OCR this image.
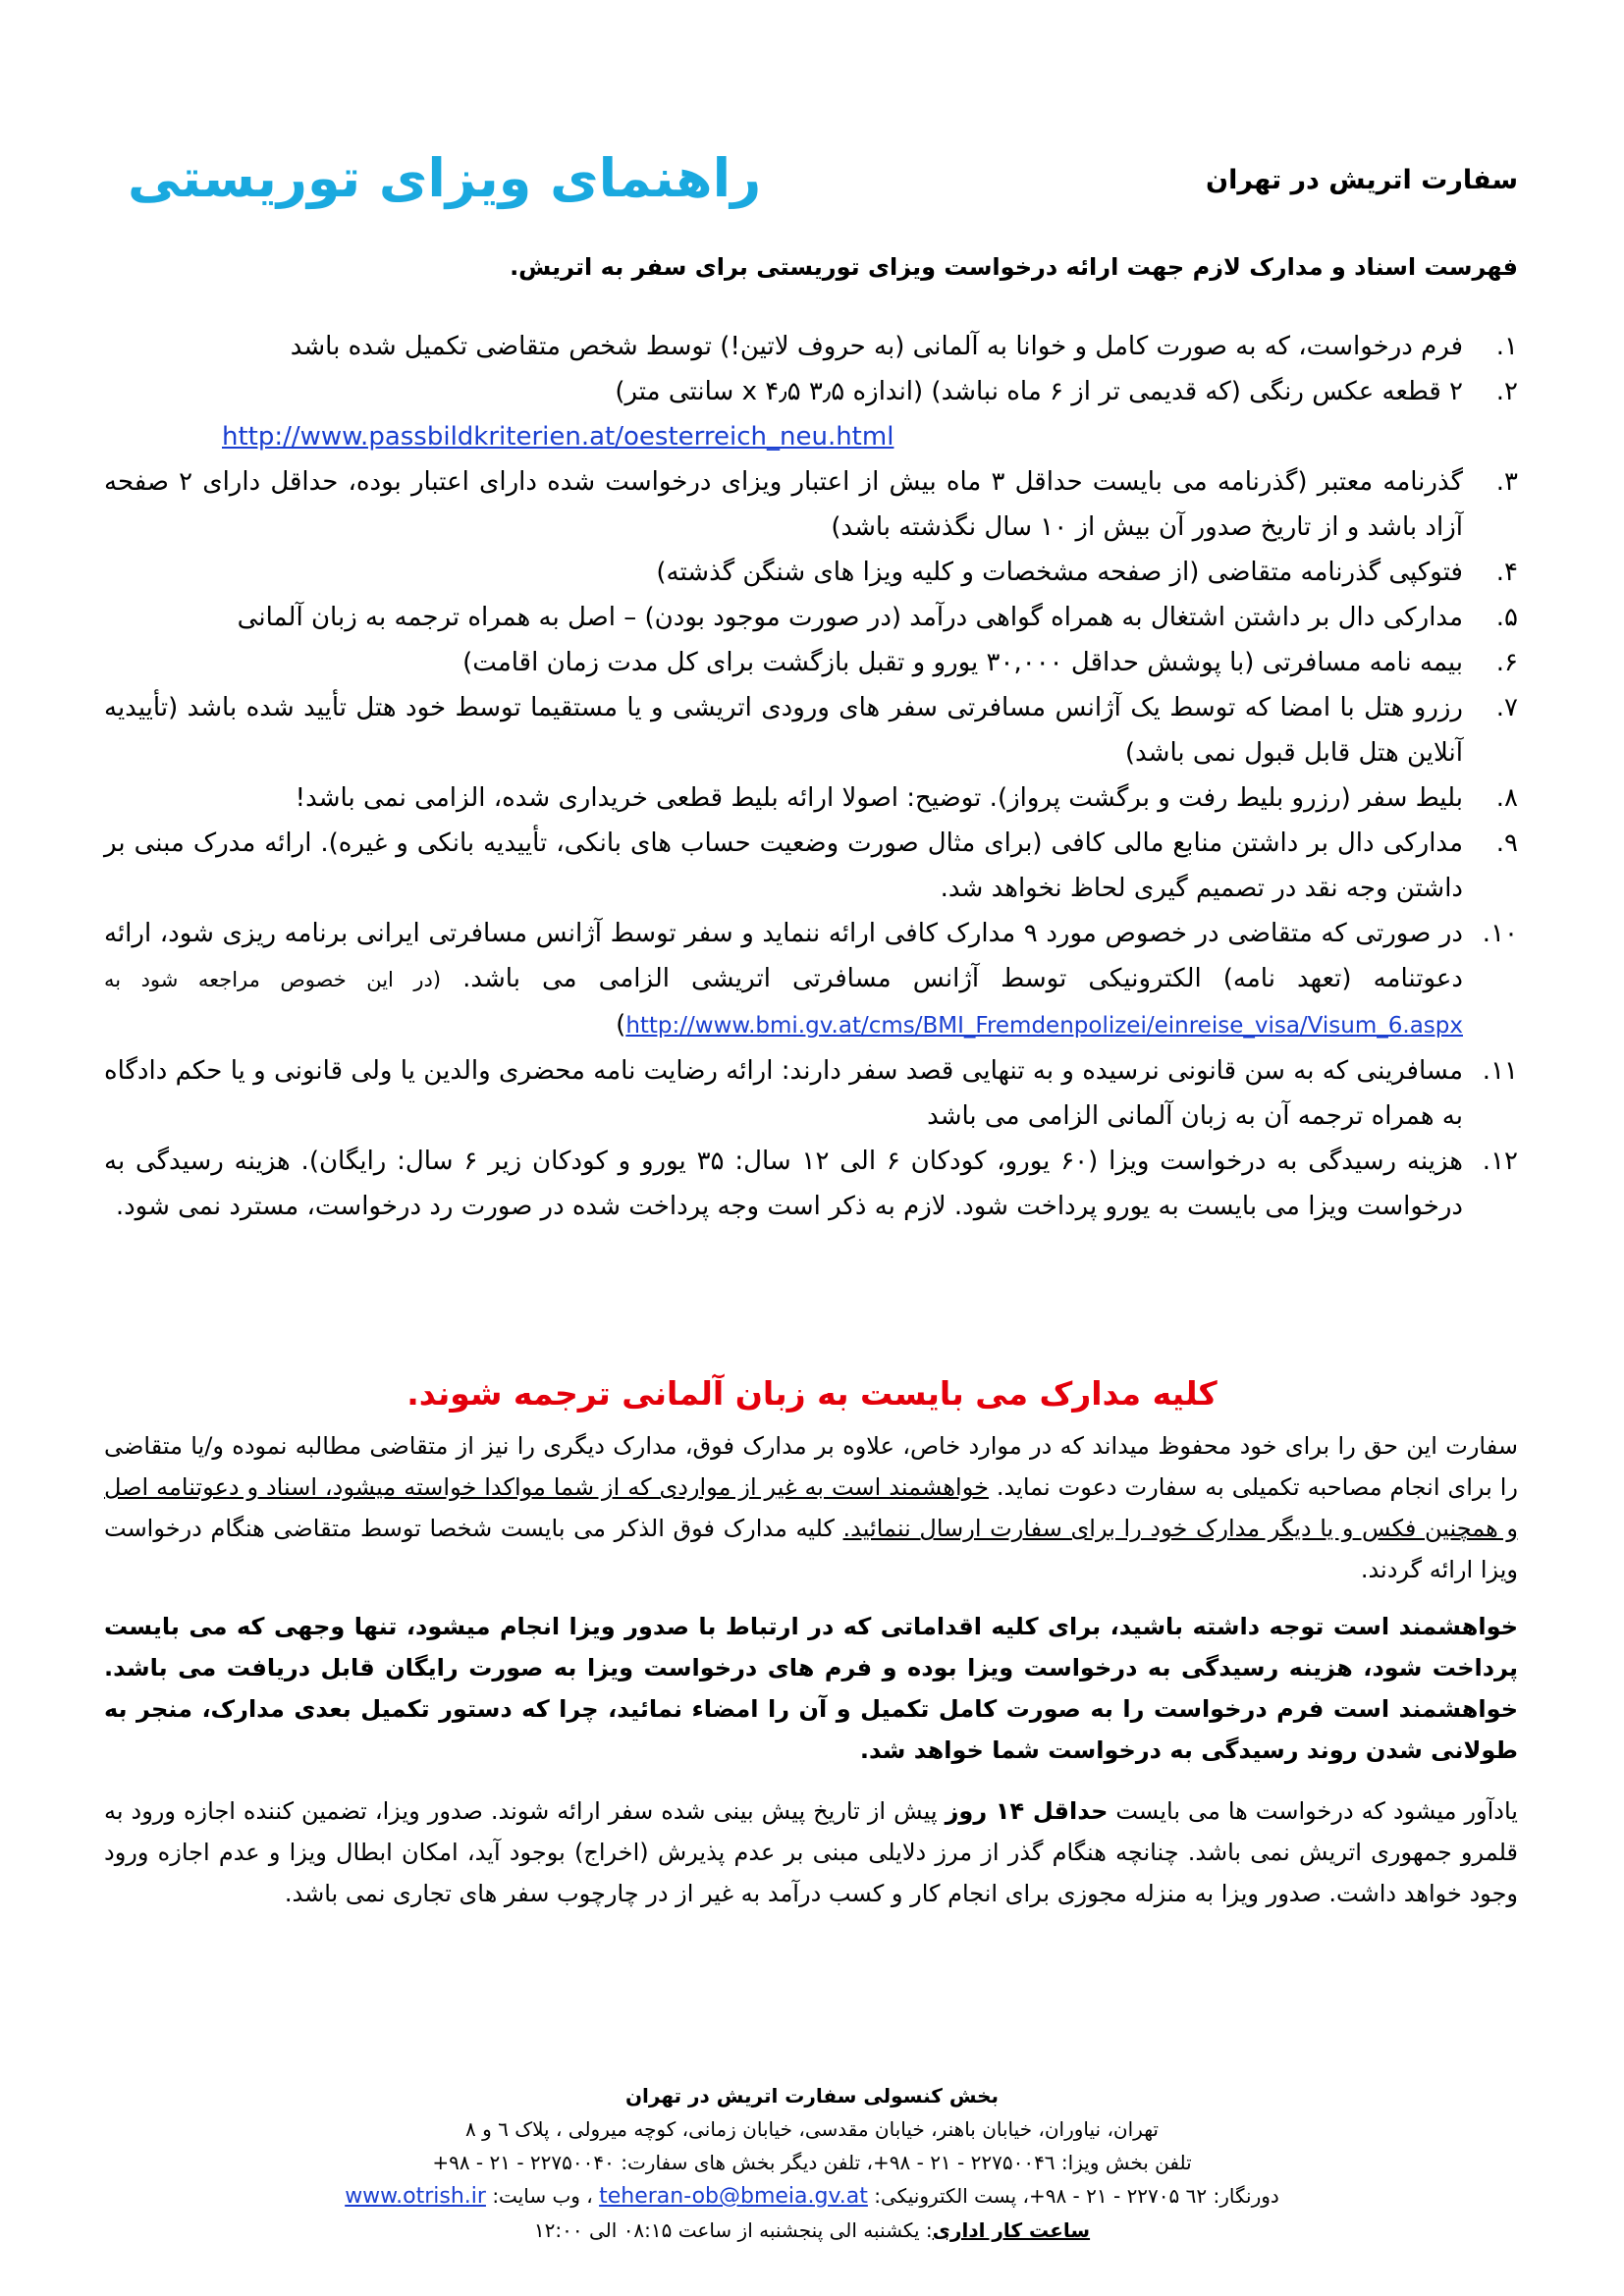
سفارت اتریش در تهران
راهنمای ویزای توریستی
فهرست اسناد و مدارک لازم جهت ارائه درخواست ویزای توریستی برای سفر به اتریش.
۱.
فرم درخواست، که به صورت کامل و خوانا به آلمانی (به حروف لاتین!) توسط شخص متقاضی تکمیل شده باشد
۲.
۲ قطعه عکس رنگی (که قدیمی تر از ۶ ماه نباشد) (اندازه ۳٫۵ x ۴٫۵ سانتی متر)
http://www.passbildkriterien.at/oesterreich_neu.html
۳.
گذرنامه معتبر (گذرنامه می بایست حداقل ۳ ماه بیش از اعتبار ویزای درخواست شده دارای اعتبار بوده، حداقل دارای ۲ صفحه آزاد باشد و از تاریخ صدور آن بیش از ۱۰ سال نگذشته باشد)
۴.
فتوکپی گذرنامه متقاضی (از صفحه مشخصات و کلیه ویزا های شنگن گذشته)
۵.
مدارکی دال بر داشتن اشتغال به همراه گواهی درآمد (در صورت موجود بودن) – اصل به همراه ترجمه به زبان آلمانی
۶.
بیمه نامه مسافرتی (با پوشش حداقل ۳۰,۰۰۰ یورو و تقبل بازگشت برای کل مدت زمان اقامت)
۷.
رزرو هتل با امضا که توسط یک آژانس مسافرتی سفر های ورودی اتریشی و یا مستقیما توسط خود هتل تأیید شده باشد (تأییدیه آنلاین هتل قابل قبول نمی باشد)
۸.
بلیط سفر (رزرو بلیط رفت و برگشت پرواز). توضیح: اصولا ارائه بلیط قطعی خریداری شده، الزامی نمی باشد!
۹.
مدارکی دال بر داشتن منابع مالی کافی (برای مثال صورت وضعیت حساب های بانکی، تأییدیه بانکی و غیره). ارائه مدرک مبنی بر داشتن وجه نقد در تصمیم گیری لحاظ نخواهد شد.
۱۰.
در صورتی که متقاضی در خصوص مورد ۹ مدارک کافی ارائه ننماید و سفر توسط آژانس مسافرتی ایرانی برنامه ریزی شود، ارائه دعوتنامه (تعهد نامه) الکترونیکی توسط آژانس مسافرتی اتریشی الزامی می باشد. (در این خصوص مراجعه شود به http://www.bmi.gv.at/cms/BMI_Fremdenpolizei/einreise_visa/Visum_6.aspx)
۱۱.
مسافرینی که به سن قانونی نرسیده و به تنهایی قصد سفر دارند: ارائه رضایت نامه محضری والدین یا ولی قانونی و یا حکم دادگاه به همراه ترجمه آن به زبان آلمانی الزامی می باشد
۱۲.
هزینه رسیدگی به درخواست ویزا (۶۰ یورو، کودکان ۶ الی ۱۲ سال: ۳۵ یورو و کودکان زیر ۶ سال: رایگان). هزینه رسیدگی به درخواست ویزا می بایست به یورو پرداخت شود. لازم به ذکر است وجه پرداخت شده در صورت رد درخواست، مسترد نمی شود.
کلیه مدارک می بایست به زبان آلمانی ترجمه شوند.
سفارت این حق را برای خود محفوظ میداند که در موارد خاص، علاوه بر مدارک فوق، مدارک دیگری را نیز از متقاضی مطالبه نموده و/یا متقاضی را برای انجام مصاحبه تکمیلی به سفارت دعوت نماید. خواهشمند است به غیر از مواردی که از شما مواکدا خواسته میشود، اسناد و دعوتنامه اصل و همچنین فکس و یا دیگر مدارک خود را برای سفارت ارسال ننمائید. کلیه مدارک فوق الذکر می بایست شخصا توسط متقاضی هنگام درخواست ویزا ارائه گردند.
خواهشمند است توجه داشته باشید، برای کلیه اقداماتی که در ارتباط با صدور ویزا انجام میشود، تنها وجهی که می بایست پرداخت شود، هزینه رسیدگی به درخواست ویزا بوده و فرم های درخواست ویزا به صورت رایگان قابل دریافت می باشد. خواهشمند است فرم درخواست را به صورت کامل تکمیل و آن را امضاء نمائید، چرا که دستور تکمیل بعدی مدارک، منجر به طولانی شدن روند رسیدگی به درخواست شما خواهد شد.
یادآور میشود که درخواست ها می بایست حداقل ۱۴ روز پیش از تاریخ پیش بینی شده سفر ارائه شوند. صدور ویزا، تضمین کننده اجازه ورود به قلمرو جمهوری اتریش نمی باشد. چنانچه هنگام گذر از مرز دلایلی مبنی بر عدم پذیرش (اخراج) بوجود آید، امکان ابطال ویزا و عدم اجازه ورود وجود خواهد داشت. صدور ویزا به منزله مجوزی برای انجام کار و کسب درآمد به غیر از در چارچوب سفر های تجاری نمی باشد.
بخش کنسولی سفارت اتریش در تهران
تهران، نیاوران، خیابان باهنر، خیابان مقدسی، خیابان زمانی، کوچه میرولی ، پلاک ٦ و ٨
تلفن بخش ویزا: ۲۲۷۵۰۰۴٦ - ۲۱ - ۹۸+، تلفن دیگر بخش های سفارت: ۲۲۷۵۰۰۴۰ - ۲۱ - ۹۸+
دورنگار: ٦٢ ۲۲۷۰۵ - ۲۱ - ۹۸+، پست الکترونیکی: teheran-ob@bmeia.gv.at ، وب سایت: www.otrish.ir
ساعت کار اداری: یکشنبه الی پنجشنبه از ساعت ۰۸:۱۵ الی ۱۲:۰۰
